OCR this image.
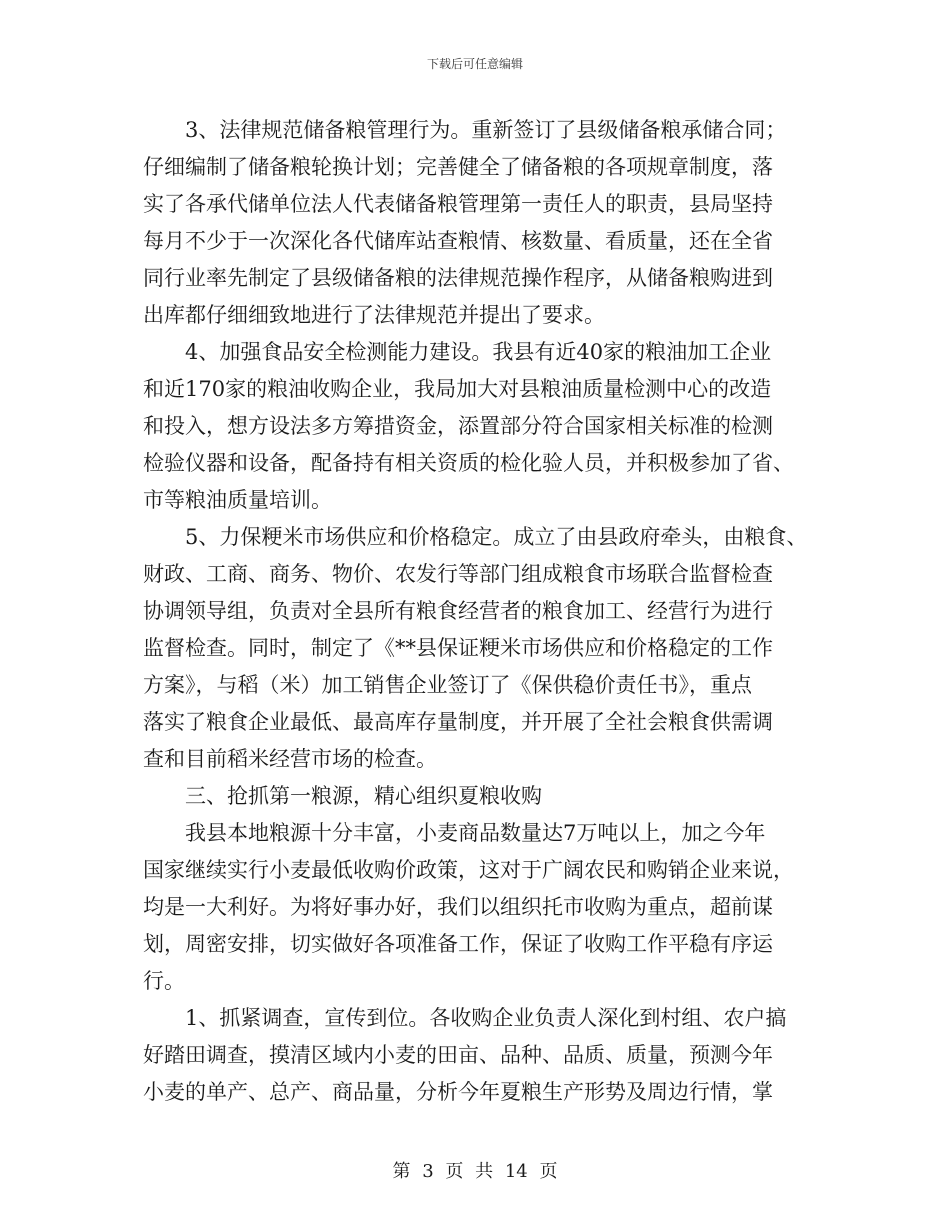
下载后可任意编辑

3、法律规范储备粮管理行为。重新签订了县级储备粮承储合同；

仔细编制了储备粮轮换计划；完善健全了储备粮的各项规章制度，落

实了各承代储单位法人代表储备粮管理第一责任人的职责，县局坚持

每月不少于一次深化各代储库站查粮情、核数量、看质量，还在全省

同行业率先制定了县级储备粮的法律规范操作程序，从储备粮购进到

出库都仔细细致地进行了法律规范并提出了要求。

4、加强食品安全检测能力建设。我县有近40家的粮油加工企业

和近170家的粮油收购企业，我局加大对县粮油质量检测中心的改造

和投入，想方设法多方筹措资金，添置部分符合国家相关标准的检测

检验仪器和设备，配备持有相关资质的检化验人员，并积极参加了省、

市等粮油质量培训。

5、力保粳米市场供应和价格稳定。成立了由县政府牵头，由粮食、

财政、工商、商务、物价、农发行等部门组成粮食市场联合监督检查

协调领导组，负责对全县所有粮食经营者的粮食加工、经营行为进行

监督检查。同时，制定了《**县保证粳米市场供应和价格稳定的工作

方案》，与稻（米）加工销售企业签订了《保供稳价责任书》，重点

落实了粮食企业最低、最高库存量制度，并开展了全社会粮食供需调

查和目前稻米经营市场的检查。

三、抢抓第一粮源，精心组织夏粮收购

我县本地粮源十分丰富，小麦商品数量达7万吨以上，加之今年

国家继续实行小麦最低收购价政策，这对于广阔农民和购销企业来说，

均是一大利好。为将好事办好，我们以组织托市收购为重点，超前谋

划，周密安排，切实做好各项准备工作，保证了收购工作平稳有序运

行。

1、抓紧调查，宣传到位。各收购企业负责人深化到村组、农户搞

好踏田调查，摸清区域内小麦的田亩、品种、品质、质量，预测今年

小麦的单产、总产、商品量，分析今年夏粮生产形势及周边行情，掌

第 3 页 共 14 页
